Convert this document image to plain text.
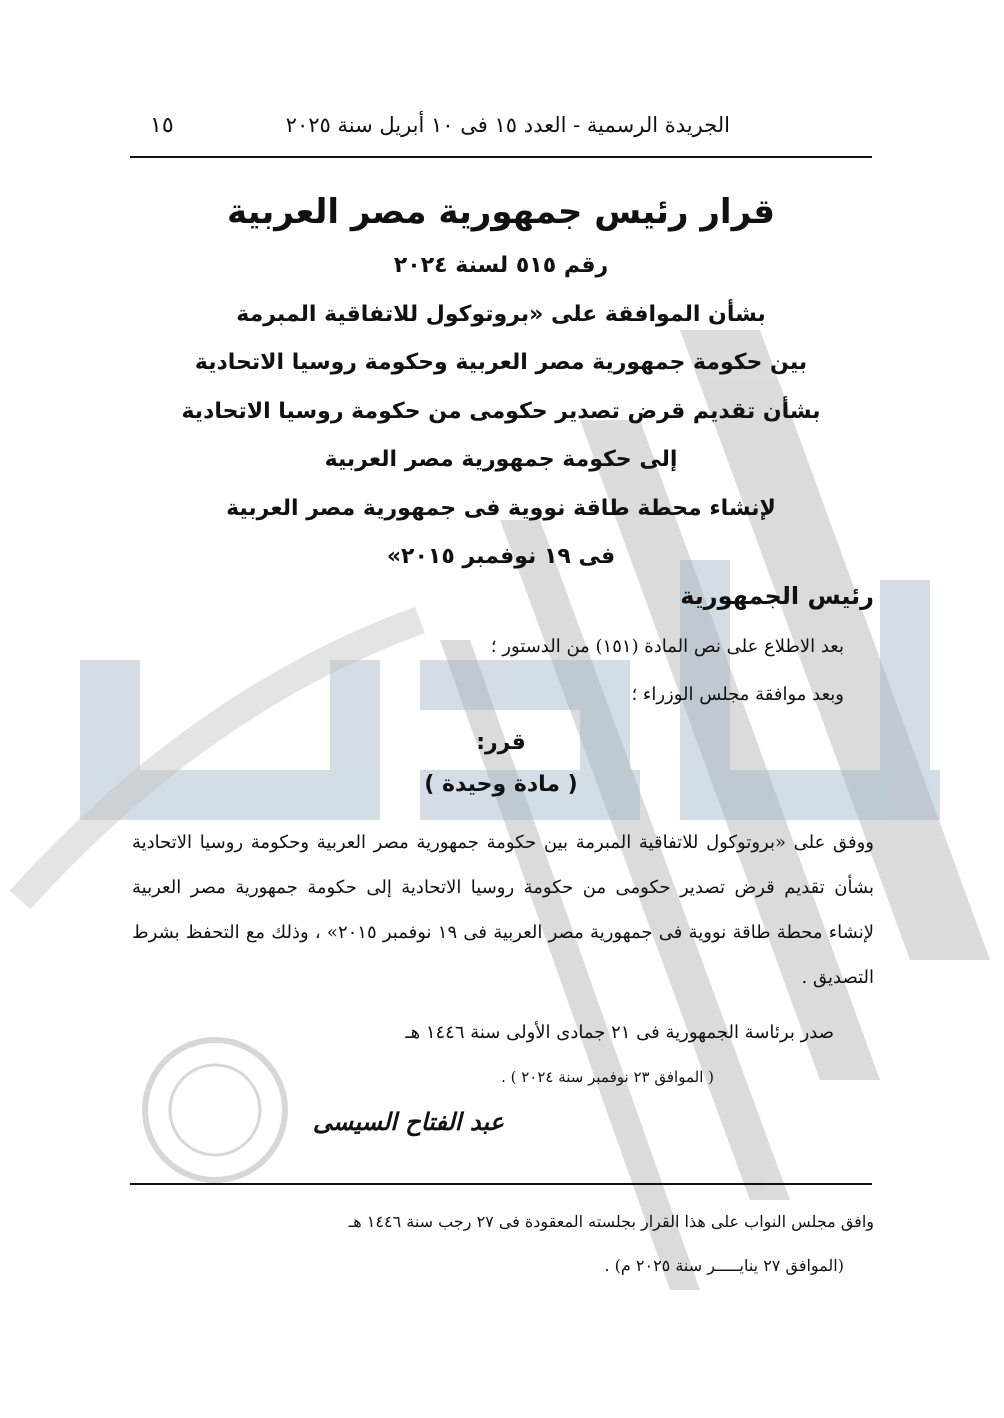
الجريدة الرسمية - العدد ١٥ فى ١٠ أبريل سنة ٢٠٢٥
١٥

قرار رئيس جمهورية مصر العربية

رقم ٥١٥ لسنة ٢٠٢٤

بشأن الموافقة على «بروتوكول للاتفاقية المبرمة

بين حكومة جمهورية مصر العربية وحكومة روسيا الاتحادية

بشأن تقديم قرض تصدير حكومى من حكومة روسيا الاتحادية

إلى حكومة جمهورية مصر العربية

لإنشاء محطة طاقة نووية فى جمهورية مصر العربية

فى ١٩ نوفمبر ٢٠١٥»

رئيس الجمهورية
بعد الاطلاع على نص المادة (١٥١) من الدستور ؛
وبعد موافقة مجلس الوزراء ؛
قرر:
( مادة وحيدة )
ووفق على «بروتوكول للاتفاقية المبرمة بين حكومة جمهورية مصر العربية وحكومة روسيا الاتحادية بشأن تقديم قرض تصدير حكومى من حكومة روسيا الاتحادية إلى حكومة جمهورية مصر العربية لإنشاء محطة طاقة نووية فى جمهورية مصر العربية فى ١٩ نوفمبر ٢٠١٥» ، وذلك مع التحفظ بشرط التصديق .
صدر برئاسة الجمهورية فى ٢١ جمادى الأولى سنة ١٤٤٦ هـ
( الموافق ٢٣ نوفمبر سنة ٢٠٢٤ ) .
عبد الفتاح السيسى
وافق مجلس النواب على هذا القرار بجلسته المعقودة فى ٢٧ رجب سنة ١٤٤٦ هـ
(الموافق ٢٧ ينايـــــر سنة ٢٠٢٥ م) .
